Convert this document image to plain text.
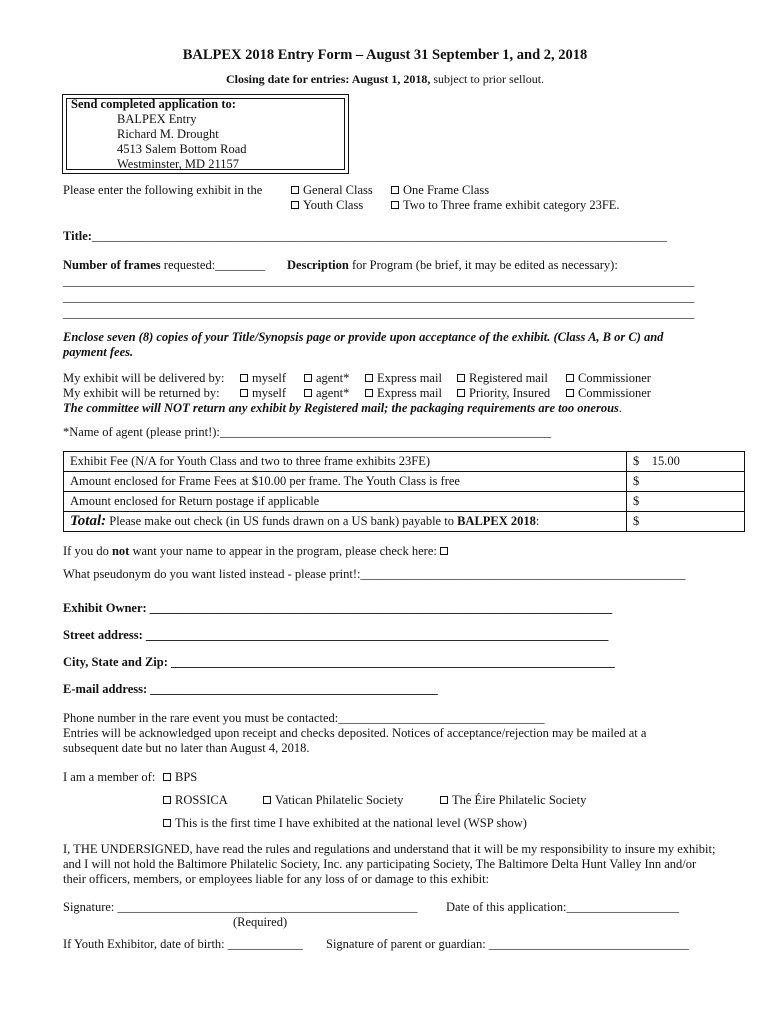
BALPEX 2018 Entry Form – August 31 September 1, and 2, 2018
Closing date for entries: August 1, 2018, subject to prior sellout.
Send completed application to:
BALPEX Entry
Richard M. Drought
4513 Salem Bottom Road
Westminster, MD 21157
Please enter the following exhibit in the	General Class
Youth Class
One Frame Class
Two to Three frame exhibit category 23FE.
Title:____________________________________________________________________________________________
Number of frames requested:________ Description for Program (be brief, it may be edited as necessary):
_____________________________________________________________________________________________________
_____________________________________________________________________________________________________
_____________________________________________________________________________________________________
Enclose seven (8) copies of your Title/Synopsis page or provide upon acceptance of the exhibit. (Class A, B or C) and
payment fees.
My exhibit will be delivered by:	myself	agent*	Express mail	Registered mail	Commissioner
My exhibit will be returned by:	myself	agent*	Express mail	Priority, Insured	Commissioner
The committee will NOT return any exhibit by Registered mail; the packaging requirements are too onerous.
*Name of agent (please print!):_____________________________________________________
Exhibit Fee (N/A for Youth Class and two to three frame exhibits 23FE)	$ 15.00
Amount enclosed for Frame Fees at $10.00 per frame. The Youth Class is free	$
Amount enclosed for Return postage if applicable	$
Total: Please make out check (in US funds drawn on a US bank) payable to BALPEX 2018:	$
If you do not want your name to appear in the program, please check here:
What pseudonym do you want listed instead - please print!:____________________________________________________
Exhibit Owner: __________________________________________________________________________
Street address: __________________________________________________________________________
City, State and Zip: _______________________________________________________________________
E-mail address: ______________________________________________
Phone number in the rare event you must be contacted:_________________________________
Entries will be acknowledged upon receipt and checks deposited. Notices of acceptance/rejection may be mailed at a
subsequent date but no later than August 4, 2018.
I am a member of:	BPS
ROSSICA	Vatican Philatelic Society	The Éire Philatelic Society
This is the first time I have exhibited at the national level (WSP show)
I, THE UNDERSIGNED, have read the rules and regulations and understand that it will be my responsibility to insure my exhibit;
and I will not hold the Baltimore Philatelic Society, Inc. any participating Society, The Baltimore Delta Hunt Valley Inn and/or
their officers, members, or employees liable for any loss of or damage to this exhibit:
Signature: ________________________________________________ Date of this application:__________________
(Required)
If Youth Exhibitor, date of birth: ____________ Signature of parent or guardian: ________________________________
